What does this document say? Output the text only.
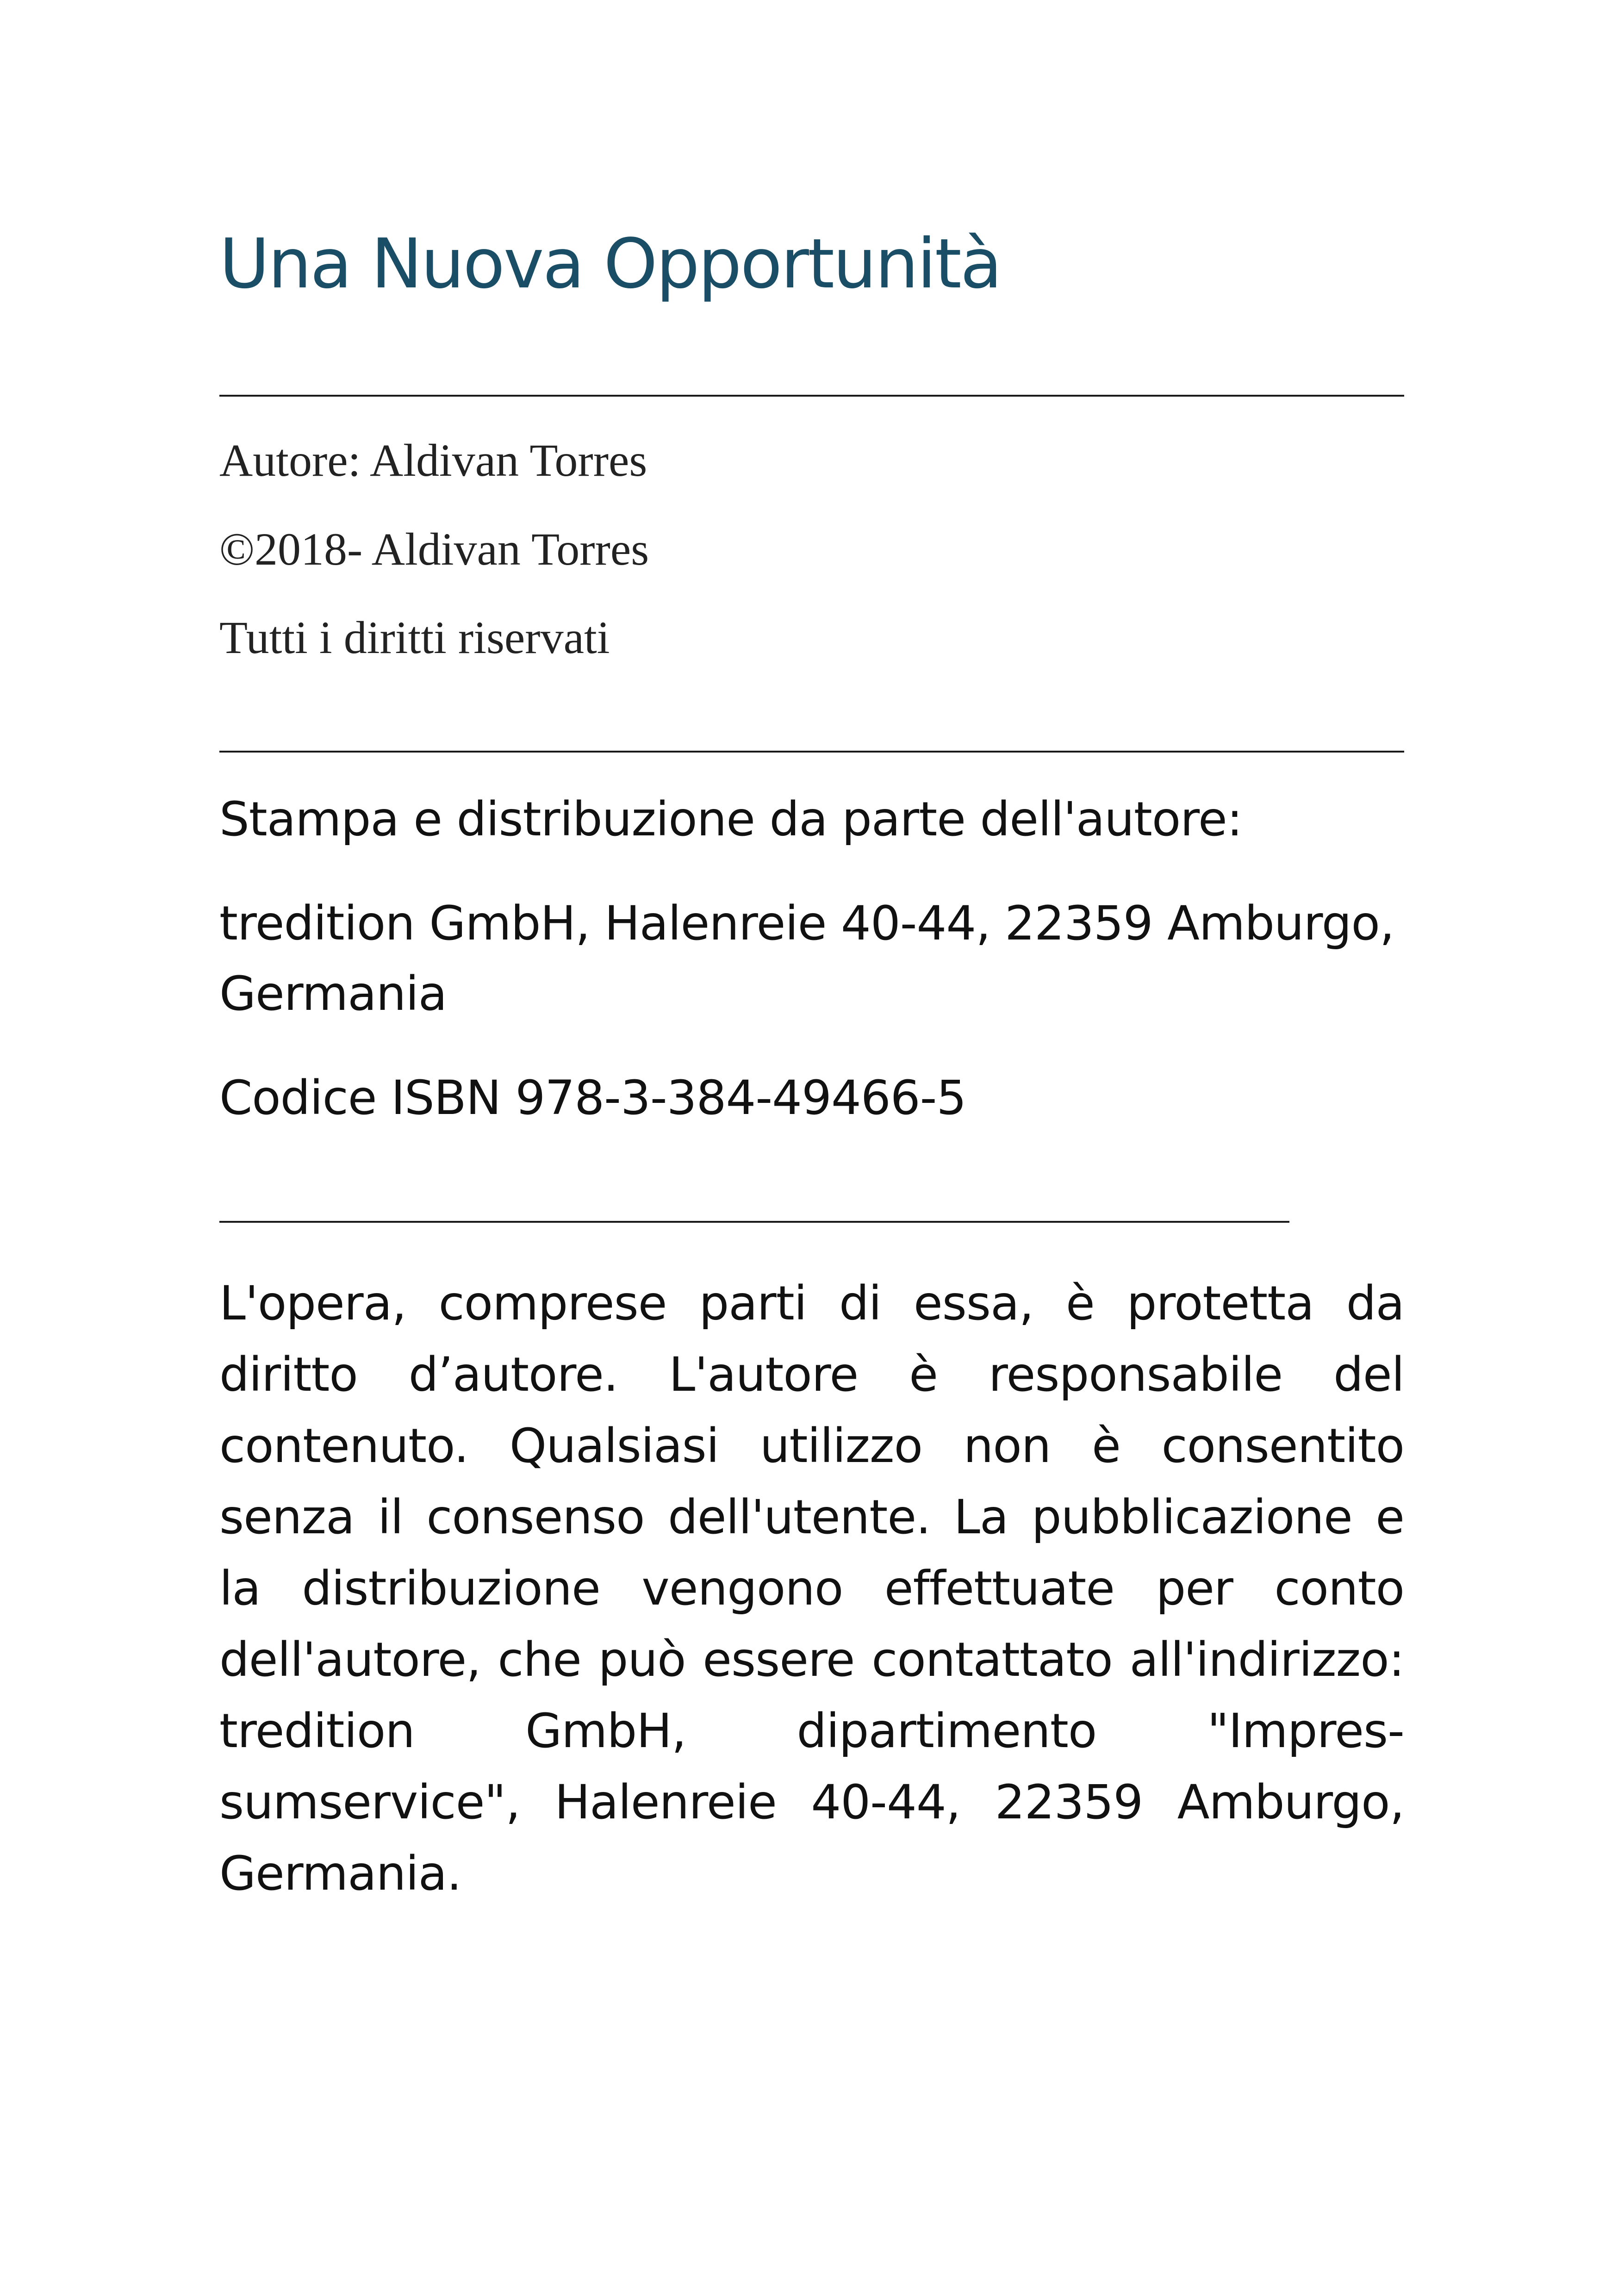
Una Nuova Opportunità
Autore: Aldivan Torres
©2018- Aldivan Torres
Tutti i diritti riservati
Stampa e distribuzione da parte dell'autore:
tredition GmbH, Halenreie 40-44, 22359 Amburgo, Germania
Codice ISBN 978-3-384-49466-5

L'opera, comprese parti di essa, è protetta da diritto d’autore. L'autore è responsabile del contenuto. Qualsiasi utilizzo non è consentito senza il consenso dell'utente. La pubblicazione e la distribuzione vengono effettuate per conto dell'autore, che può essere contattato all'indirizzo: tredition GmbH, dipartimento "Impres-sumservice", Halenreie 40-44, 22359 Amburgo, Germania.
